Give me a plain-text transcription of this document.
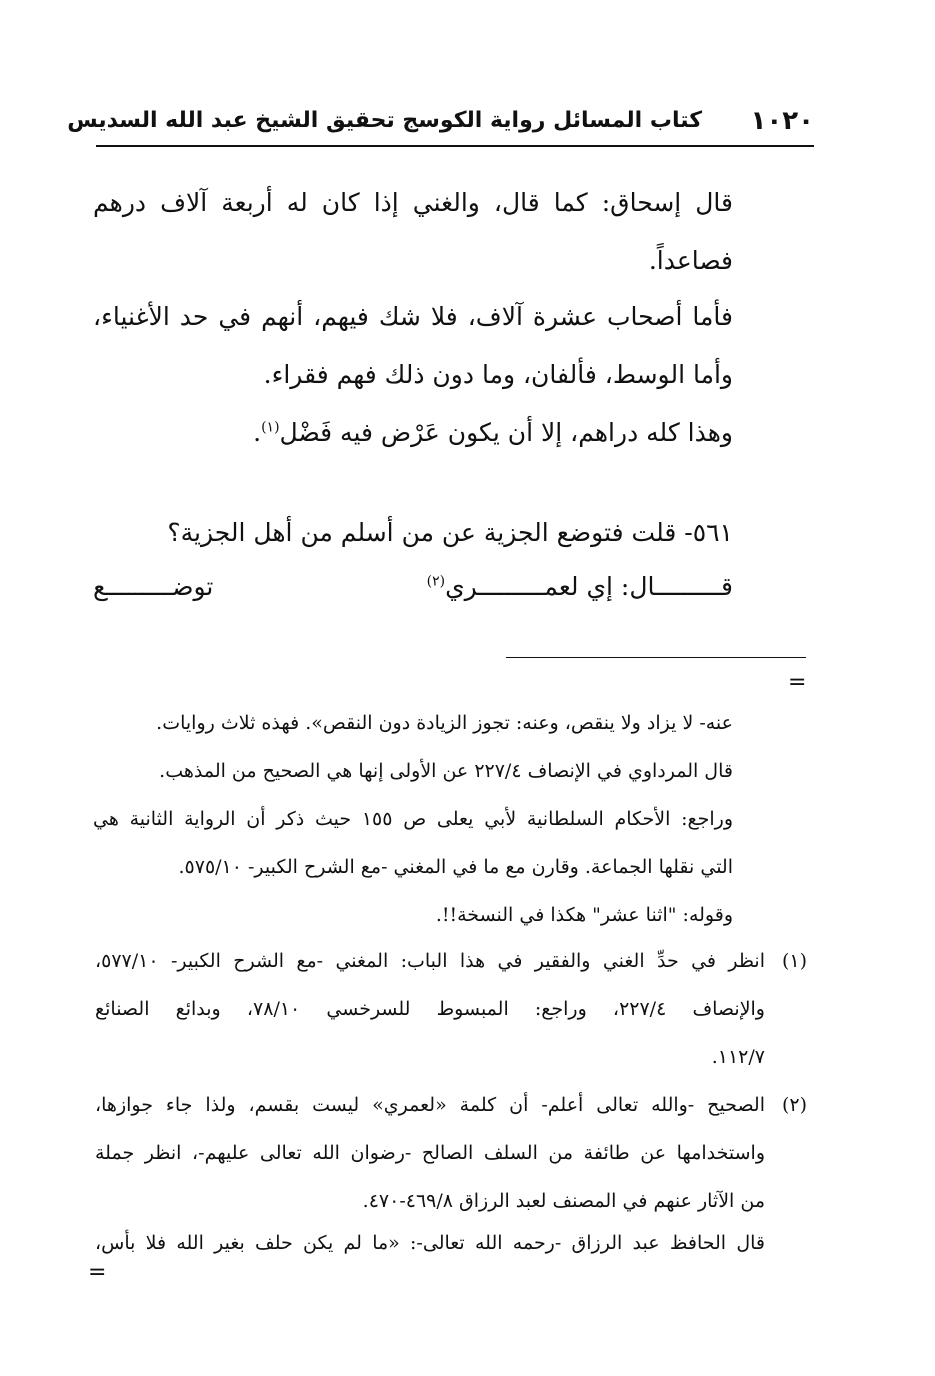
١٠٢٠
كتاب المسائل رواية الكوسج تحقيق الشيخ عبد الله السديس
قال إسحاق: كما قال، والغني إذا كان له أربعة آلاف درهم
فصاعداً.
فأما أصحاب عشرة آلاف، فلا شك فيهم، أنهم في حد الأغنياء،
وأما الوسط، فألفان، وما دون ذلك فهم فقراء.
وهذا كله دراهم، إلا أن يكون عَرْض فيه فَضْل$^{(١)}$.
٥٦١- قلت فتوضع الجزية عن من أسلم من أهل الجزية؟
قـــــــــال: إي لعمـــــــــري$^{(٢)}$
توضـــــــــع
=
عنه- لا يزاد ولا ينقص، وعنه: تجوز الزيادة دون النقص». فهذه ثلاث روايات.
قال المرداوي في الإنصاف ٢٢٧/٤ عن الأولى إنها هي الصحيح من المذهب.
وراجع: الأحكام السلطانية لأبي يعلى ص ١٥٥ حيث ذكر أن الرواية الثانية هي
التي نقلها الجماعة. وقارن مع ما في المغني -مع الشرح الكبير- ٥٧٥/١٠.
وقوله: "اثنا عشر" هكذا في النسخة!!.
(١)
انظر في حدِّ الغني والفقير في هذا الباب: المغني -مع الشرح الكبير- ٥٧٧/١٠،
والإنصاف ٢٢٧/٤، وراجع: المبسوط للسرخسي ٧٨/١٠، وبدائع الصنائع
١١٢/٧.
(٢)
الصحيح -والله تعالى أعلم- أن كلمة «لعمري» ليست بقسم، ولذا جاء جوازها،
واستخدامها عن طائفة من السلف الصالح -رضوان الله تعالى عليهم-، انظر جملة
من الآثار عنهم في المصنف لعبد الرزاق ٤٦٩/٨-٤٧٠.
قال الحافظ عبد الرزاق -رحمه الله تعالى-: «ما لم يكن حلف بغير الله فلا بأس،
=
